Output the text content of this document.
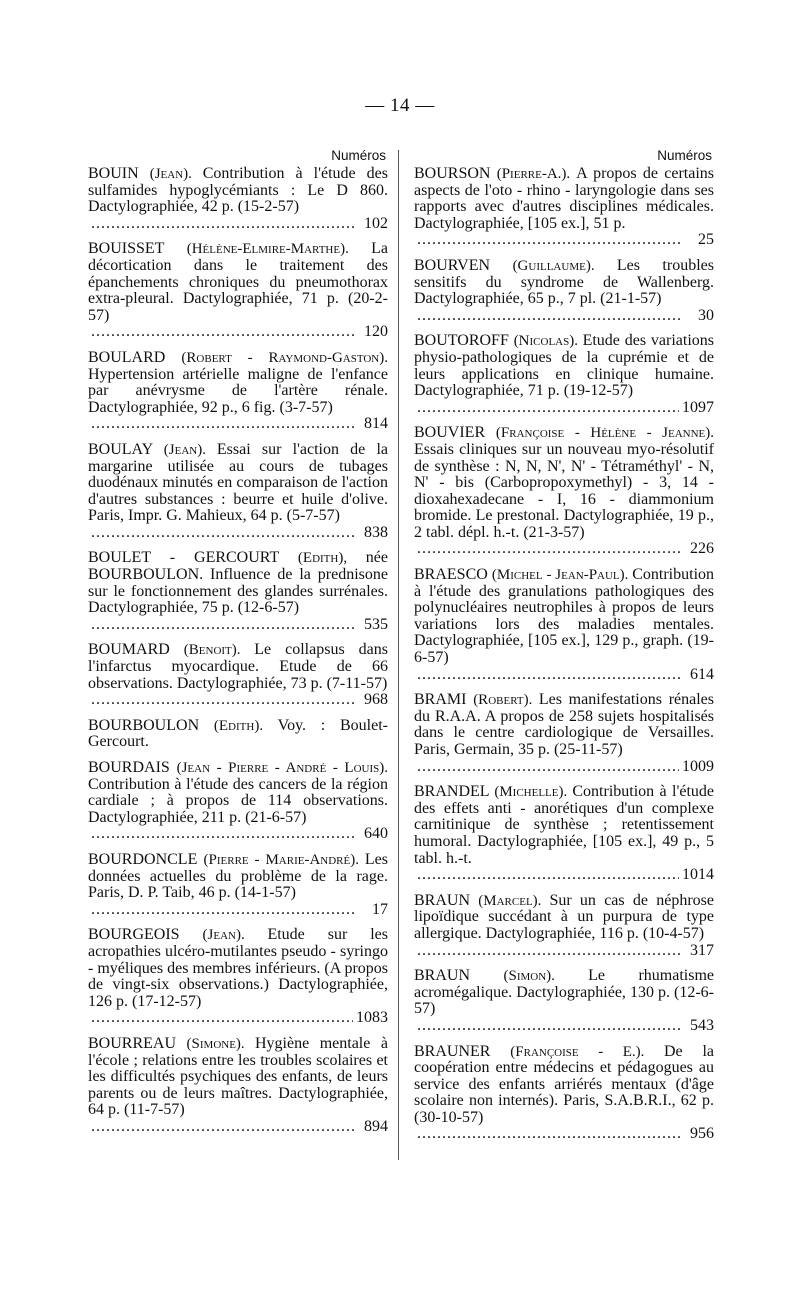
— 14 —
Numéros
BOUIN (Jean). Contribution à l'étude des sulfamides hypoglycémiants : Le D 860. Dactylographiée, 42 p. (15-2-57)
.....
102
BOUISSET (Hélène-Elmire-Marthe). La décortication dans le traitement des épanchements chroniques du pneumothorax extra-pleural. Dactylographiée, 71 p. (20-2-57)
.....
120
BOULARD (Robert - Raymond-Gaston). Hypertension artérielle maligne de l'enfance par anévrysme de l'artère rénale. Dactylographiée, 92 p., 6 fig. (3-7-57)
.....
814
BOULAY (Jean). Essai sur l'action de la margarine utilisée au cours de tubages duodénaux minutés en comparaison de l'action d'autres substances : beurre et huile d'olive. Paris, Impr. G. Mahieux, 64 p. (5-7-57)
.....
838
BOULET - GERCOURT (Edith), née BOURBOULON. Influence de la prednisone sur le fonctionnement des glandes surrénales. Dactylographiée, 75 p. (12-6-57)
.....
535
BOUMARD (Benoit). Le collapsus dans l'infarctus myocardique. Etude de 66 observations. Dactylographiée, 73 p. (7-11-57)
.....
968
BOURBOULON (Edith). Voy. : Boulet-Gercourt.
BOURDAIS (Jean - Pierre - André - Louis). Contribution à l'étude des cancers de la région cardiale ; à propos de 114 observations. Dactylographiée, 211 p. (21-6-57)
.....
640
BOURDONCLE (Pierre - Marie-André). Les données actuelles du problème de la rage. Paris, D. P. Taib, 46 p. (14-1-57)
.....
17
BOURGEOIS (Jean). Etude sur les acropathies ulcéro-mutilantes pseudo - syringo - myéliques des membres inférieurs. (A propos de vingt-six observations.) Dactylographiée, 126 p. (17-12-57)
.....
1083
BOURREAU (Simone). Hygiène mentale à l'école ; relations entre les troubles scolaires et les difficultés psychiques des enfants, de leurs parents ou de leurs maîtres. Dactylographiée, 64 p. (11-7-57)
.....
894
Numéros
BOURSON (Pierre-A.). A propos de certains aspects de l'oto - rhino - laryngologie dans ses rapports avec d'autres disciplines médicales. Dactylographiée, [105 ex.], 51 p.
.....
25
BOURVEN (Guillaume). Les troubles sensitifs du syndrome de Wallenberg. Dactylographiée, 65 p., 7 pl. (21-1-57)
.....
30
BOUTOROFF (Nicolas). Etude des variations physio-pathologiques de la cuprémie et de leurs applications en clinique humaine. Dactylographiée, 71 p. (19-12-57)
.....
1097
BOUVIER (Françoise - Hélène - Jeanne). Essais cliniques sur un nouveau myo-résolutif de synthèse : N, N, N', N' - Tétraméthyl' - N, N' - bis (Carbopropoxymethyl) - 3, 14 - dioxahexadecane - I, 16 - diammonium bromide. Le prestonal. Dactylographiée, 19 p., 2 tabl. dépl. h.-t. (21-3-57)
.....
226
BRAESCO (Michel - Jean-Paul). Contribution à l'étude des granulations pathologiques des polynucléaires neutrophiles à propos de leurs variations lors des maladies mentales. Dactylographiée, [105 ex.], 129 p., graph. (19-6-57)
.....
614
BRAMI (Robert). Les manifestations rénales du R.A.A. A propos de 258 sujets hospitalisés dans le centre cardiologique de Versailles. Paris, Germain, 35 p. (25-11-57)
.....
1009
BRANDEL (Michelle). Contribution à l'étude des effets anti - anorétiques d'un complexe carnitinique de synthèse ; retentissement humoral. Dactylographiée, [105 ex.], 49 p., 5 tabl. h.-t.
.....
1014
BRAUN (Marcel). Sur un cas de néphrose lipoïdique succédant à un purpura de type allergique. Dactylographiée, 116 p. (10-4-57)
.....
317
BRAUN (Simon). Le rhumatisme acromégalique. Dactylographiée, 130 p. (12-6-57)
.....
543
BRAUNER (Françoise - E.). De la coopération entre médecins et pédagogues au service des enfants arriérés mentaux (d'âge scolaire non internés). Paris, S.A.B.R.I., 62 p. (30-10-57)
.....
956
